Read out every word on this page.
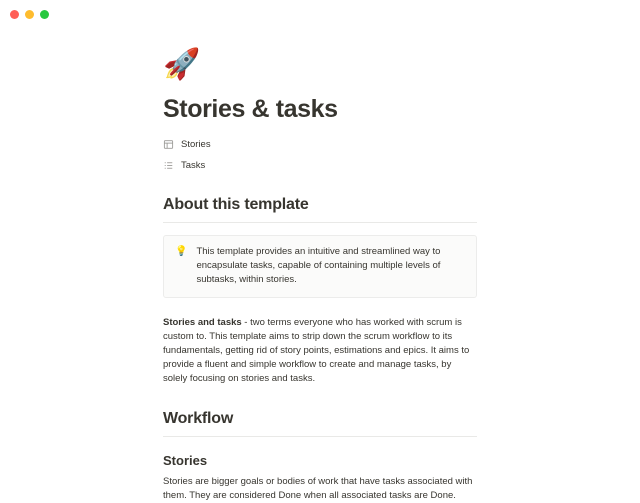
🚀
Stories & tasks
Stories
Tasks
About this template
💡 This template provides an intuitive and streamlined way to encapsulate tasks, capable of containing multiple levels of subtasks, within stories.

Stories and tasks - two terms everyone who has worked with scrum is custom to. This template aims to strip down the scrum workflow to its fundamentals, getting rid of story points, estimations and epics. It aims to provide a fluent and simple workflow to create and manage tasks, by solely focusing on stories and tasks.

Workflow
Stories

Stories are bigger goals or bodies of work that have tasks associated with them. They are considered Done when all associated tasks are Done.
